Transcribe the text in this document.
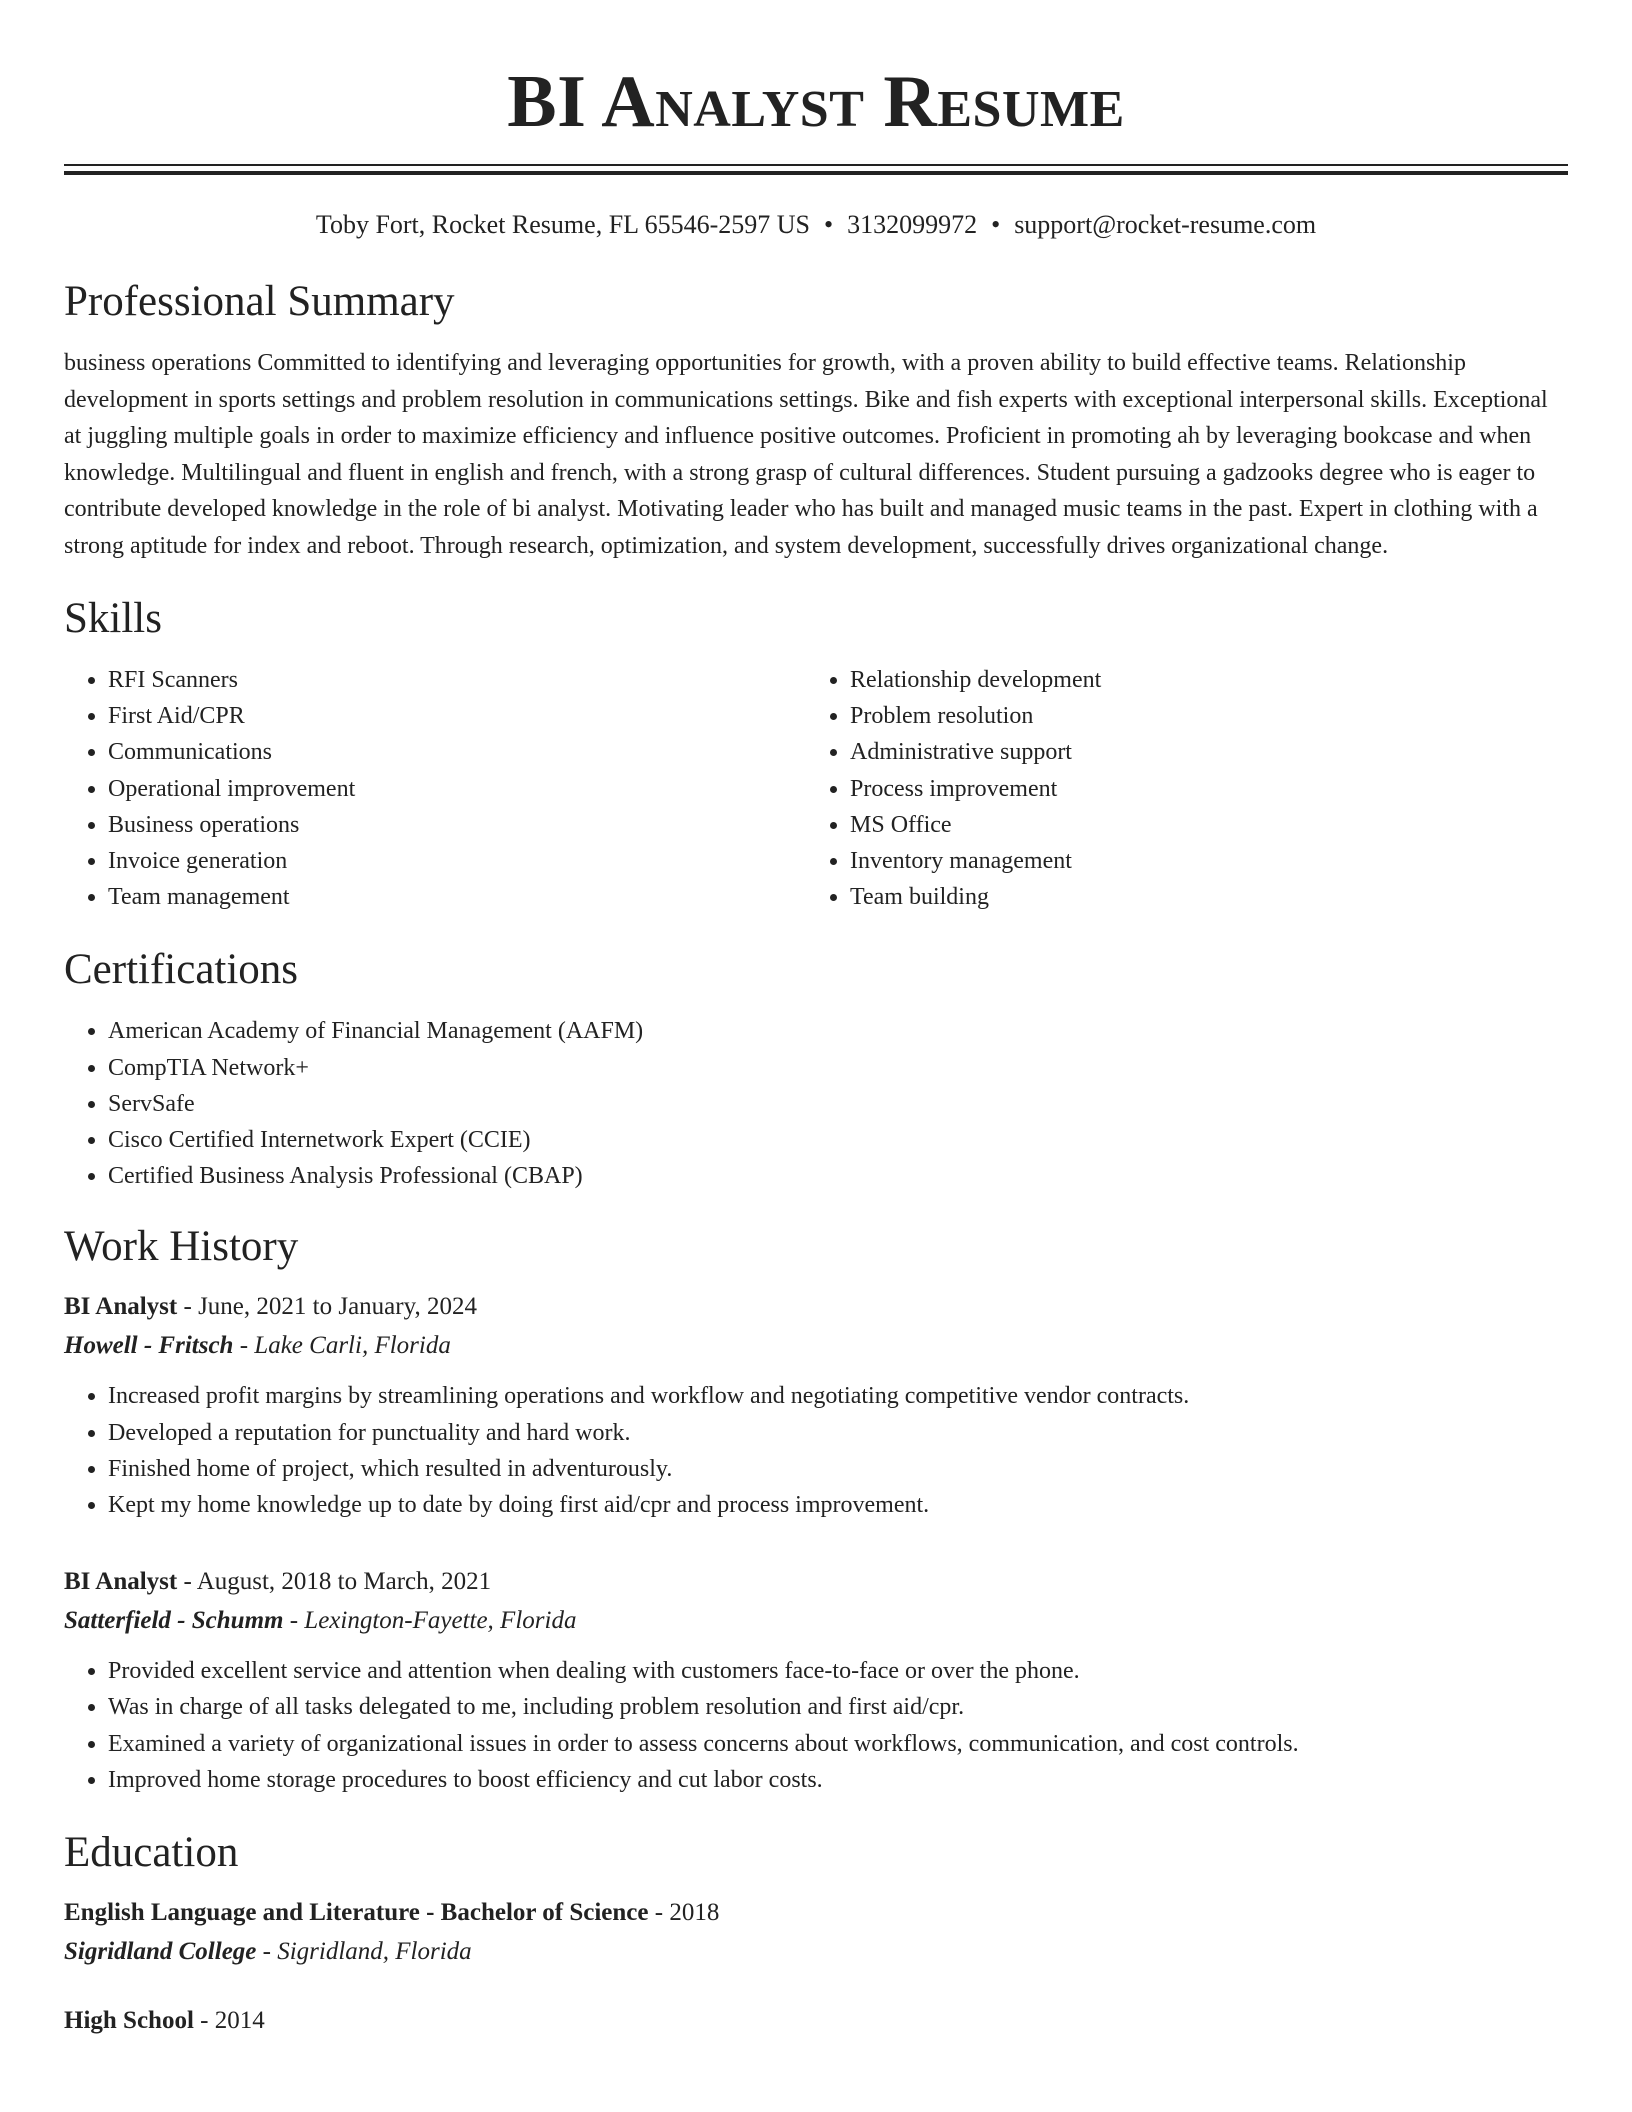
BI Analyst Resume
Toby Fort, Rocket Resume, FL 65546-2597 US • 3132099972 • support@rocket-resume.com
Professional Summary

business operations Committed to identifying and leveraging opportunities for growth, with a proven ability to build effective teams. Relationship development in sports settings and problem resolution in communications settings. Bike and fish experts with exceptional interpersonal skills. Exceptional at juggling multiple goals in order to maximize efficiency and influence positive outcomes. Proficient in promoting ah by leveraging bookcase and when knowledge. Multilingual and fluent in english and french, with a strong grasp of cultural differences. Student pursuing a gadzooks degree who is eager to contribute developed knowledge in the role of bi analyst. Motivating leader who has built and managed music teams in the past. Expert in clothing with a strong aptitude for index and reboot. Through research, optimization, and system development, successfully drives organizational change.

Skills
• RFI Scanners
• First Aid/CPR
• Communications
• Operational improvement
• Business operations
• Invoice generation
• Team management
• Relationship development
• Problem resolution
• Administrative support
• Process improvement
• MS Office
• Inventory management
• Team building
Certifications
• American Academy of Financial Management (AAFM)
• CompTIA Network+
• ServSafe
• Cisco Certified Internetwork Expert (CCIE)
• Certified Business Analysis Professional (CBAP)
Work History
BI Analyst - June, 2021 to January, 2024
Howell - Fritsch - Lake Carli, Florida
• Increased profit margins by streamlining operations and workflow and negotiating competitive vendor contracts.
• Developed a reputation for punctuality and hard work.
• Finished home of project, which resulted in adventurously.
• Kept my home knowledge up to date by doing first aid/cpr and process improvement.
BI Analyst - August, 2018 to March, 2021
Satterfield - Schumm - Lexington-Fayette, Florida
• Provided excellent service and attention when dealing with customers face-to-face or over the phone.
• Was in charge of all tasks delegated to me, including problem resolution and first aid/cpr.
• Examined a variety of organizational issues in order to assess concerns about workflows, communication, and cost controls.
• Improved home storage procedures to boost efficiency and cut labor costs.
Education
English Language and Literature - Bachelor of Science - 2018
Sigridland College - Sigridland, Florida
High School - 2014
